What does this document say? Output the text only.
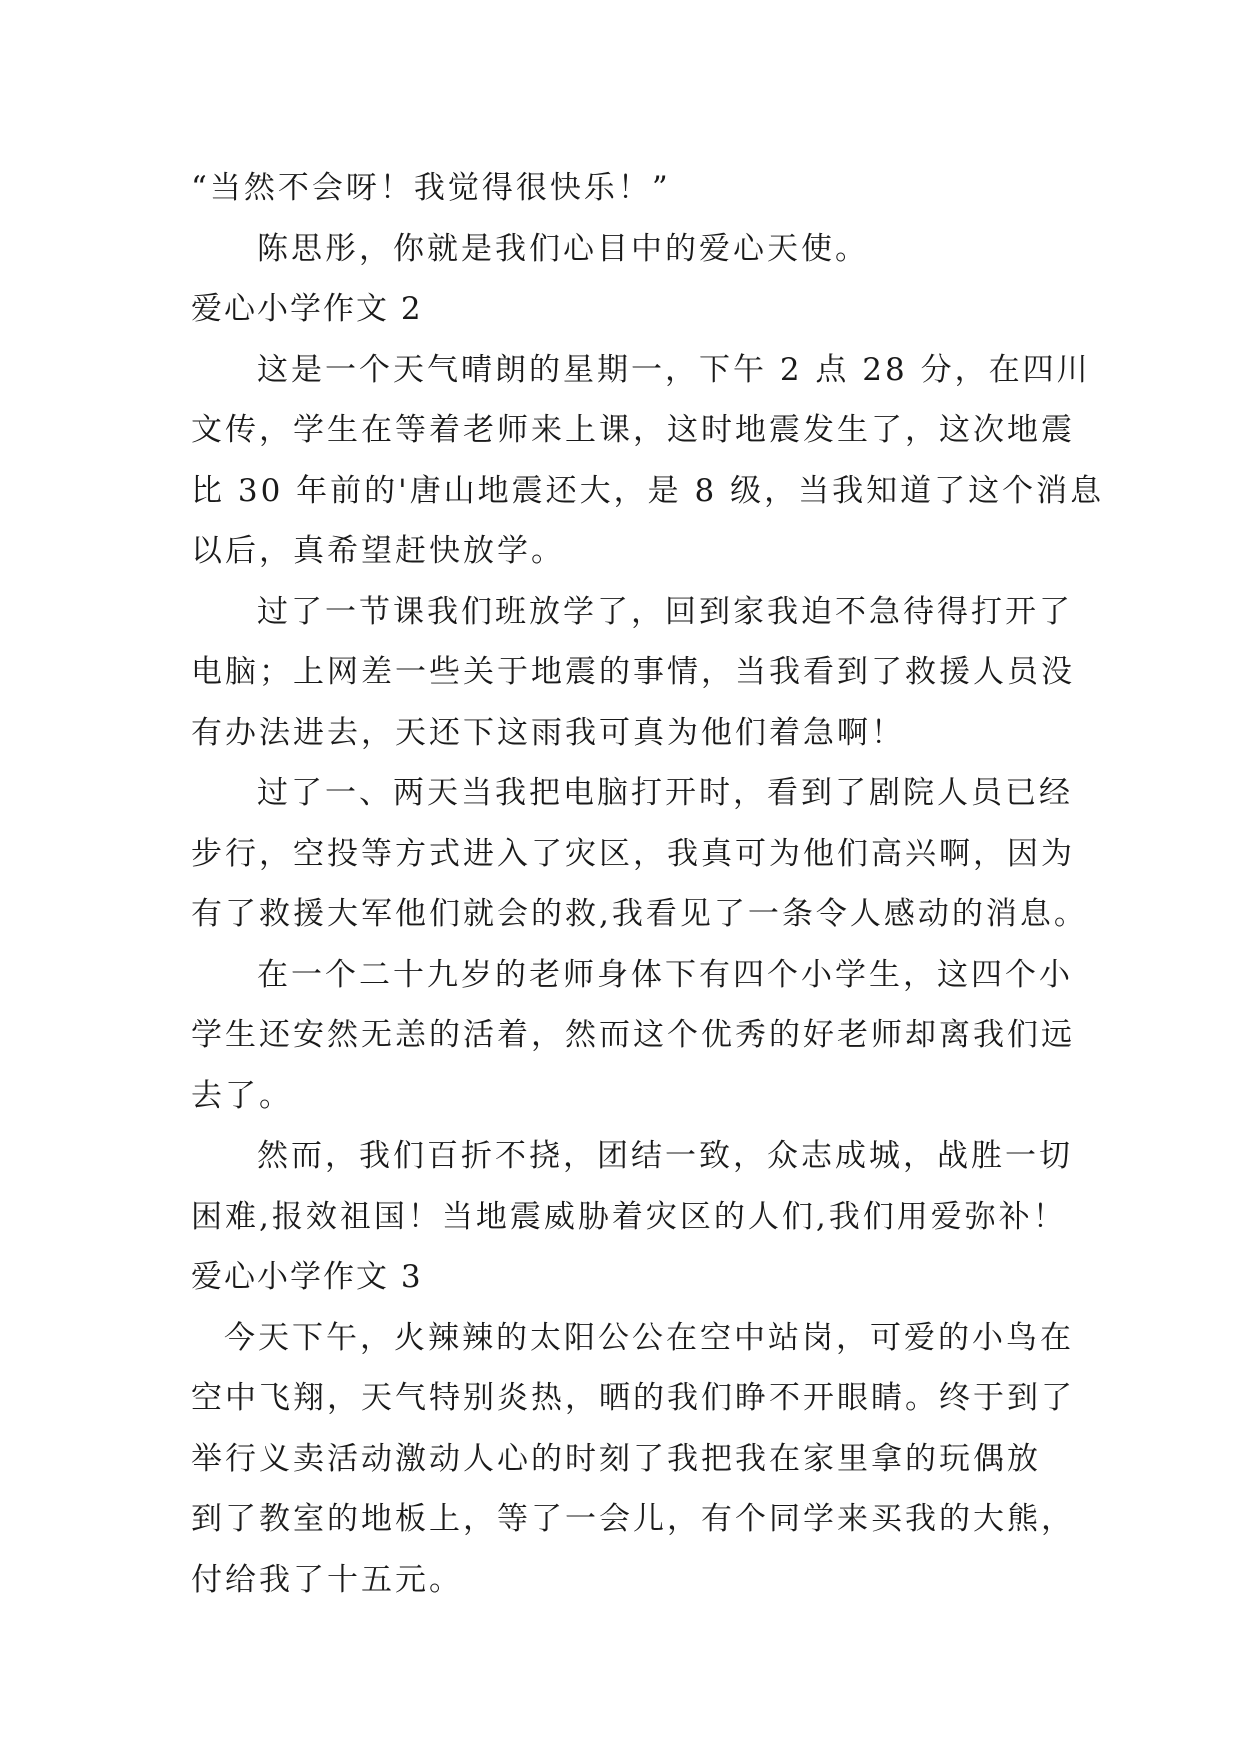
“当然不会呀！我觉得很快乐！”
陈思彤，你就是我们心目中的爱心天使。
爱心小学作文 2
这是一个天气晴朗的星期一，下午 2 点 28 分，在四川
文传，学生在等着老师来上课，这时地震发生了，这次地震
比 30 年前的'唐山地震还大，是 8 级，当我知道了这个消息
以后，真希望赶快放学。
过了一节课我们班放学了，回到家我迫不急待得打开了
电脑；上网差一些关于地震的事情，当我看到了救援人员没
有办法进去，天还下这雨我可真为他们着急啊！
过了一、两天当我把电脑打开时，看到了剧院人员已经
步行，空投等方式进入了灾区，我真可为他们高兴啊，因为
有了救援大军他们就会的救,我看见了一条令人感动的消息。
在一个二十九岁的老师身体下有四个小学生，这四个小
学生还安然无恙的活着，然而这个优秀的好老师却离我们远
去了。
然而，我们百折不挠，团结一致，众志成城，战胜一切
困难,报效祖国！当地震威胁着灾区的人们,我们用爱弥补！
爱心小学作文 3
今天下午，火辣辣的太阳公公在空中站岗，可爱的小鸟在
空中飞翔，天气特别炎热，晒的我们睁不开眼睛。终于到了
举行义卖活动激动人心的时刻了我把我在家里拿的玩偶放
到了教室的地板上，等了一会儿，有个同学来买我的大熊，
付给我了十五元。
